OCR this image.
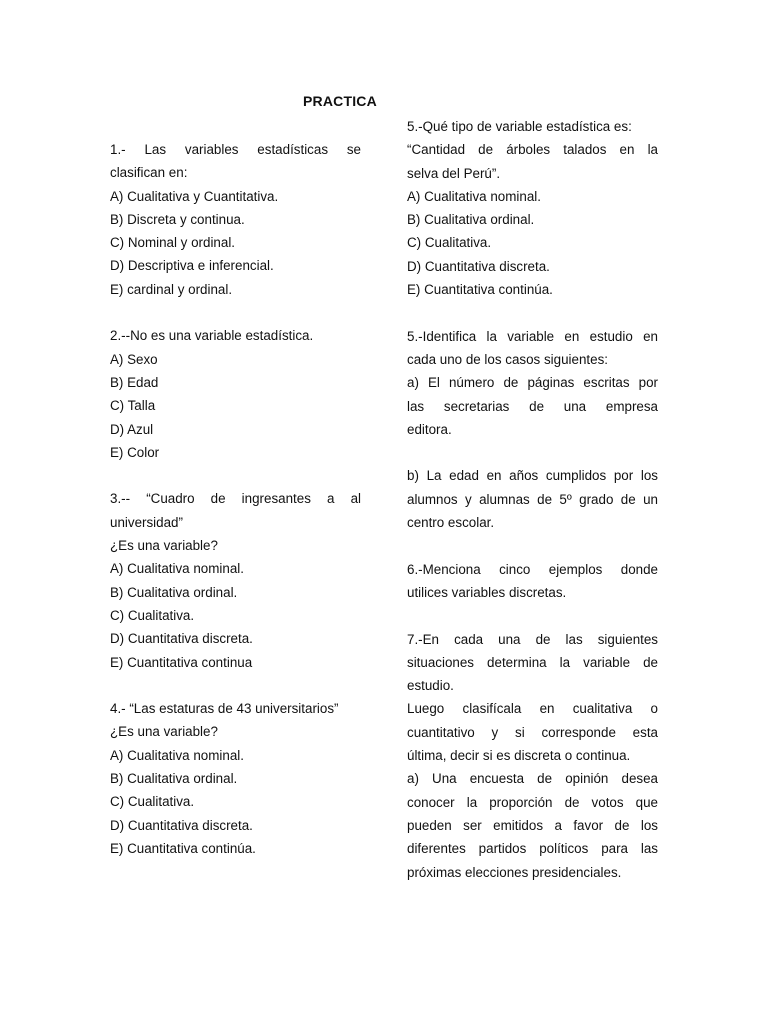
PRACTICA
1.- Las variables estadísticas se
clasifican en:
A) Cualitativa y Cuantitativa.
B) Discreta y continua.
C) Nominal y ordinal.
D) Descriptiva e inferencial.
E) cardinal y ordinal.
2.--No es una variable estadística.
A) Sexo
B) Edad
C) Talla
D) Azul
E) Color
3.-- “Cuadro de ingresantes a al
universidad”
¿Es una variable?
A) Cualitativa nominal.
B) Cualitativa ordinal.
C) Cualitativa.
D) Cuantitativa discreta.
E) Cuantitativa continua
4.- “Las estaturas de 43 universitarios”
¿Es una variable?
A) Cualitativa nominal.
B) Cualitativa ordinal.
C) Cualitativa.
D) Cuantitativa discreta.
E) Cuantitativa continúa.
5.-Qué tipo de variable estadística es:
“Cantidad de árboles talados en la
selva del Perú”.
A) Cualitativa nominal.
B) Cualitativa ordinal.
C) Cualitativa.
D) Cuantitativa discreta.
E) Cuantitativa continúa.
5.-Identifica la variable en estudio en
cada uno de los casos siguientes:
a) El número de páginas escritas por
las secretarias de una empresa
editora.
b) La edad en años cumplidos por los
alumnos y alumnas de 5º grado de un
centro escolar.
6.-Menciona cinco ejemplos donde
utilices variables discretas.
7.-En cada una de las siguientes
situaciones determina la variable de
estudio.
Luego clasifícala en cualitativa o
cuantitativo y si corresponde esta
última, decir si es discreta o continua.
a) Una encuesta de opinión desea
conocer la proporción de votos que
pueden ser emitidos a favor de los
diferentes partidos políticos para las
próximas elecciones presidenciales.
